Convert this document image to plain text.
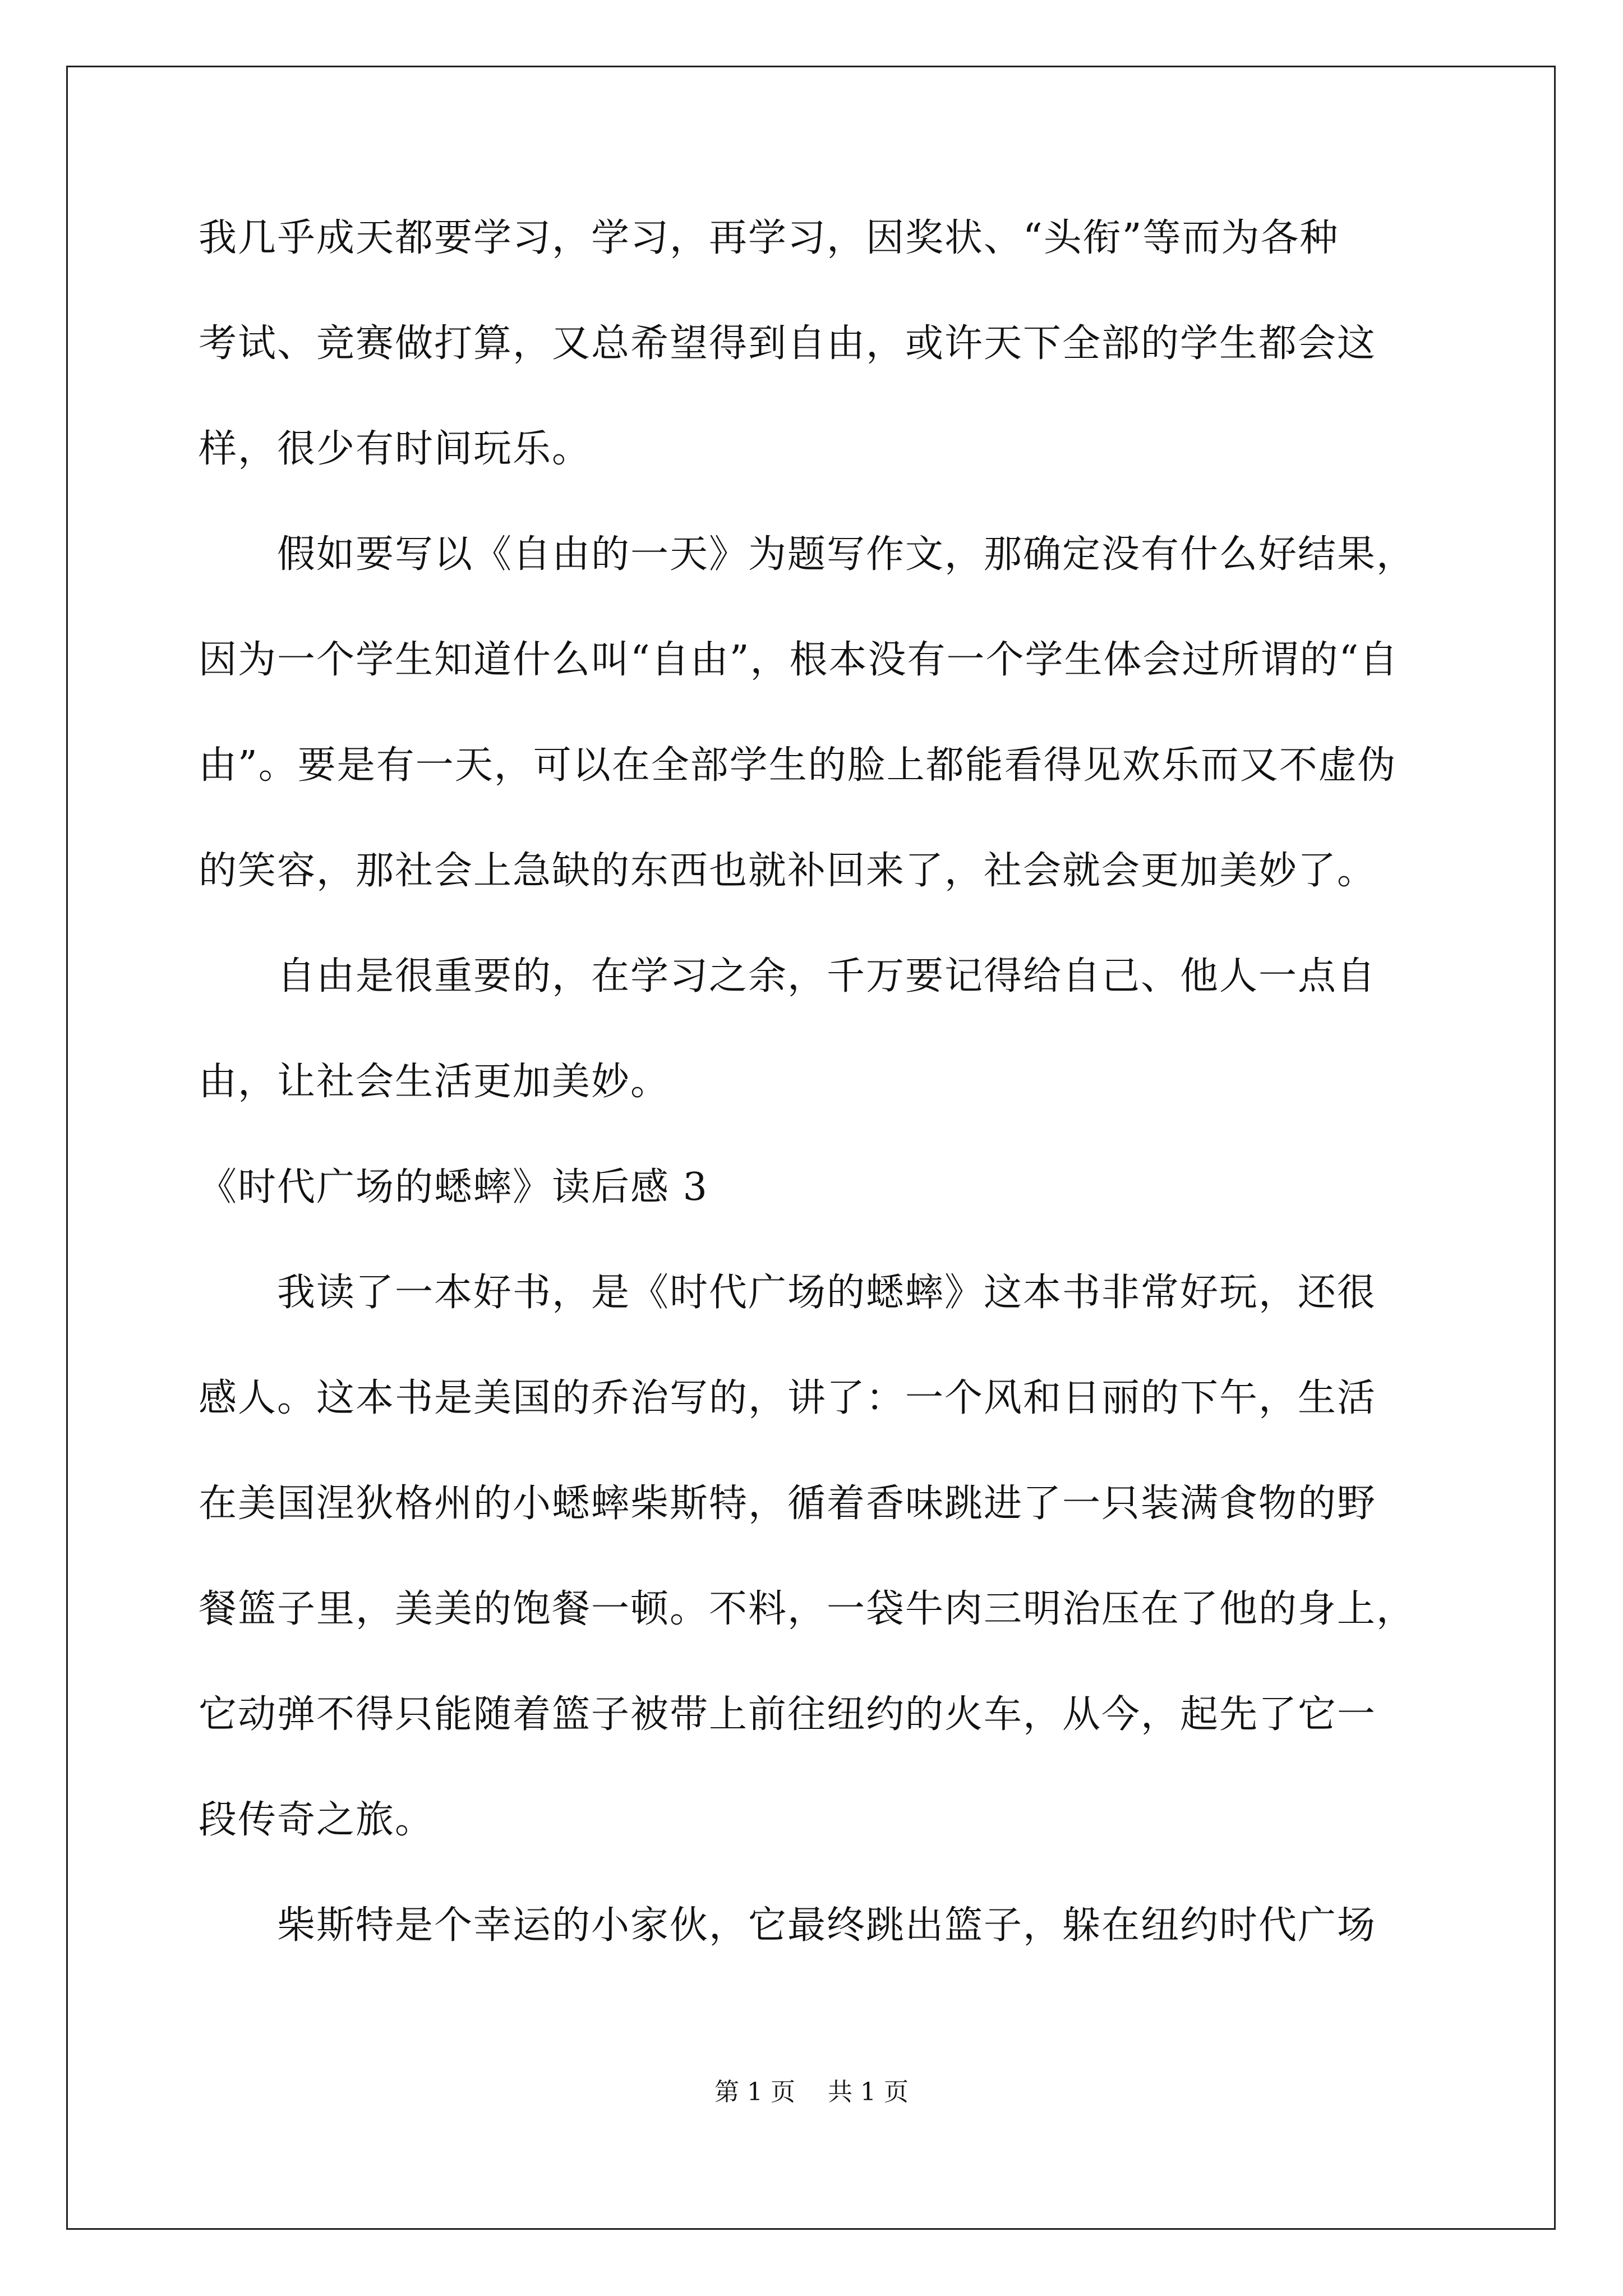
我几乎成天都要学习，学习，再学习，因奖状、“头衔”等而为各种
考试、竞赛做打算，又总希望得到自由，或许天下全部的学生都会这
样，很少有时间玩乐。
　　假如要写以《自由的一天》为题写作文，那确定没有什么好结果，
因为一个学生知道什么叫“自由”，根本没有一个学生体会过所谓的“自
由”。要是有一天，可以在全部学生的脸上都能看得见欢乐而又不虚伪
的笑容，那社会上急缺的东西也就补回来了，社会就会更加美妙了。
　　自由是很重要的，在学习之余，千万要记得给自己、他人一点自
由，让社会生活更加美妙。
《时代广场的蟋蟀》读后感 3
　　我读了一本好书，是《时代广场的蟋蟀》这本书非常好玩，还很
感人。这本书是美国的乔治写的，讲了：一个风和日丽的下午，生活
在美国涅狄格州的小蟋蟀柴斯特，循着香味跳进了一只装满食物的野
餐篮子里，美美的饱餐一顿。不料，一袋牛肉三明治压在了他的身上，
它动弹不得只能随着篮子被带上前往纽约的火车，从今，起先了它一
段传奇之旅。
　　柴斯特是个幸运的小家伙，它最终跳出篮子，躲在纽约时代广场
第 1 页　 共 1 页
